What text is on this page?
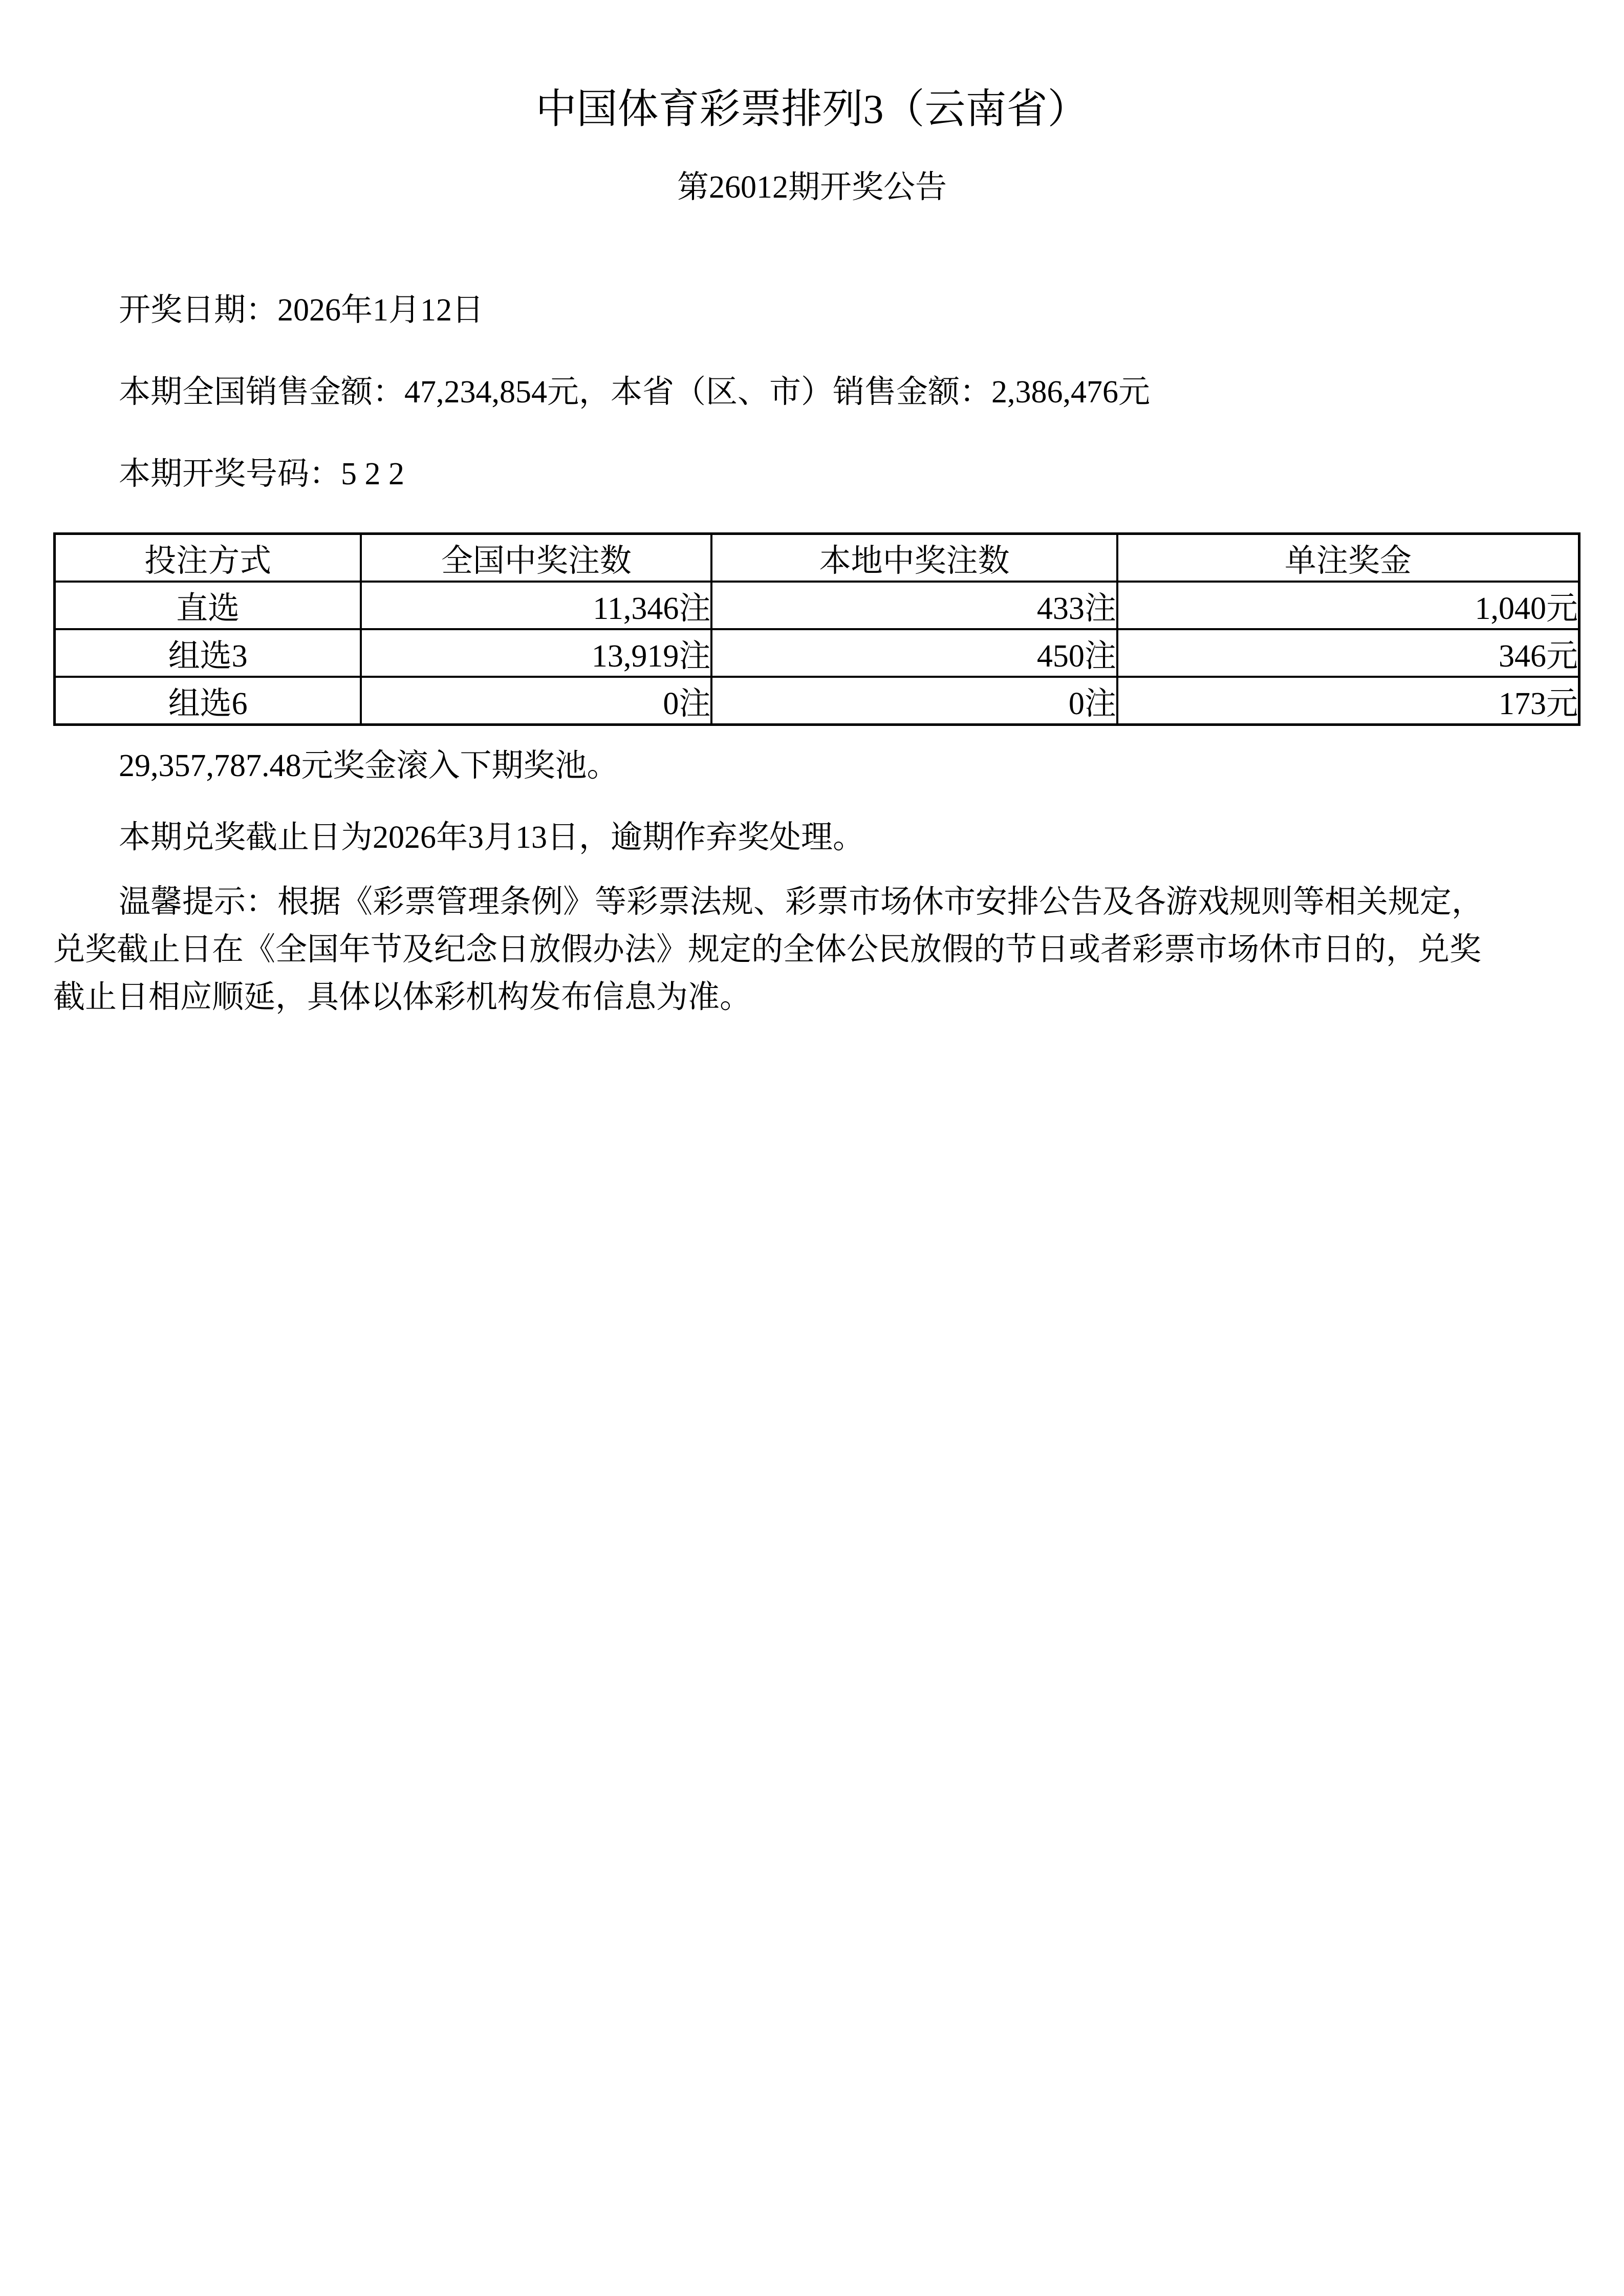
中国体育彩票排列3（云南省）
第26012期开奖公告

开奖日期：2026年1月12日

本期全国销售金额：47,234,854元，本省（区、市）销售金额：2,386,476元

本期开奖号码：5 2 2

投注方式	全国中奖注数	本地中奖注数	单注奖金
直选	11,346注	433注	1,040元
组选3	13,919注	450注	346元
组选6	0注	0注	173元

29,357,787.48元奖金滚入下期奖池。

本期兑奖截止日为2026年3月13日，逾期作弃奖处理。

温馨提示：根据《彩票管理条例》等彩票法规、彩票市场休市安排公告及各游戏规则等相关规定，
兑奖截止日在《全国年节及纪念日放假办法》规定的全体公民放假的节日或者彩票市场休市日的，兑奖
截止日相应顺延，具体以体彩机构发布信息为准。
